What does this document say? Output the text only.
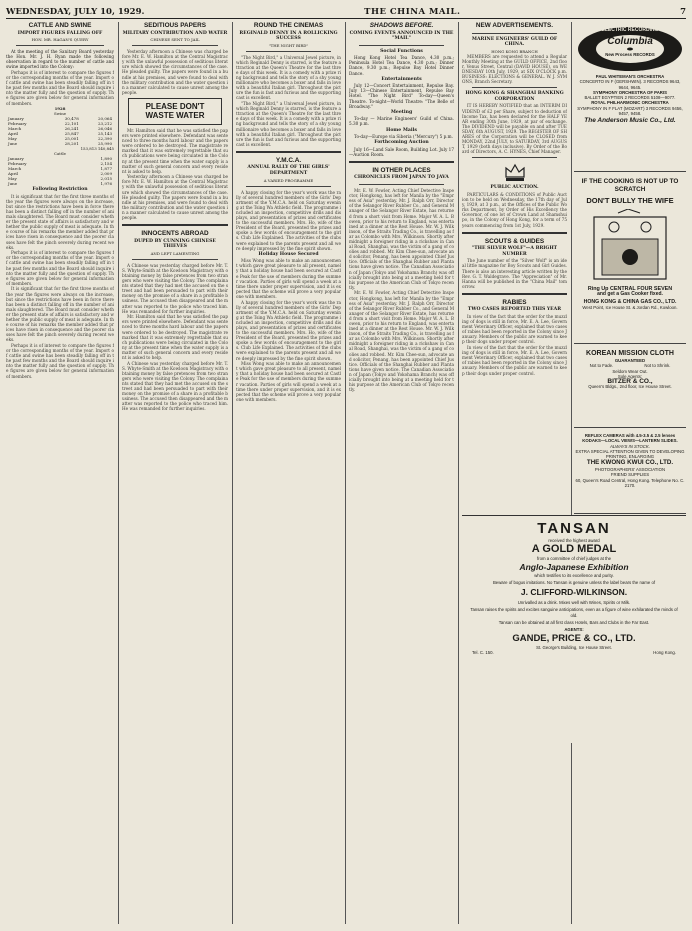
WEDNESDAY, JULY 10, 1929.	THE CHINA MAIL.	7
CATTLE AND SWINE
IMPORT FIGURES FALLING OFF
HON. MR. HAGAN'S QUERY
At the meeting of the Sanitary Board yesterday the Hon. Mr. J. H. Ryan made the following observation in regard to the number of cattle and swine imported into the Colony:
Perhaps it is of interest to compare the figures for the corresponding months of the year. Import of cattle and swine has been steadily falling off in the past few months and the Board should inquire into the matter fully and the question of supply. The figures are given below for general information of members.
1928
Swine
January	30,478	20,064
February	22,101	23,212
March	26,241	26,046
April	25,847	25,143
May	25,001	22,390
June	28,201	25,990
153,813 140,845
Cattle
January	1,890
February	2,154
March	1,877
April	2,009
May	2,015
June	1,976
Following Restriction
It is significant that for the first three months of the year the figures were always on the increase, but since the restrictions have been in force there has been a distinct falling off in the number of animals slaughtered. The Board must consider whether the present state of affairs is satisfactory and whether the public supply of meat is adequate. In the course of his remarks the member added that prices have risen in consequence and the poorer classes have felt the pinch severely during recent weeks.
Perhaps it is of interest to compare the figures for the corresponding months of the year. Import of cattle and swine has been steadily falling off in the past few months and the Board should inquire into the matter fully and the question of supply. The figures are given below for general information of members.
It is significant that for the first three months of the year the figures were always on the increase, but since the restrictions have been in force there has been a distinct falling off in the number of animals slaughtered. The Board must consider whether the present state of affairs is satisfactory and whether the public supply of meat is adequate. In the course of his remarks the member added that prices have risen in consequence and the poorer classes have felt the pinch severely during recent weeks.
Perhaps it is of interest to compare the figures for the corresponding months of the year. Import of cattle and swine has been steadily falling off in the past few months and the Board should inquire into the matter fully and the question of supply. The figures are given below for general information of members.
SEDITIOUS PAPERS
MILITARY CONTRIBUTION AND WATER
CHINESE SENT TO JAIL
Yesterday afternoon a Chinese was charged before Mr. E. W. Hamilton at the Central Magistracy with the unlawful possession of seditious literature which showed the circumstances of the case. He pleaded guilty. The papers were found in a bundle at his premises, and were found to deal with the military contribution and the water question in a manner calculated to cause unrest among the people.
PLEASE DON'T WASTE WATER
Mr. Hamilton said that he was satisfied the papers were printed elsewhere. Defendant was sentenced to three months hard labour and the papers were ordered to be destroyed. The magistrate remarked that it was extremely regrettable that such publications were being circulated in the Colony at the present time when the water supply is a matter of such general concern and every resident is asked to help.
Yesterday afternoon a Chinese was charged before Mr. E. W. Hamilton at the Central Magistracy with the unlawful possession of seditious literature which showed the circumstances of the case. He pleaded guilty. The papers were found in a bundle at his premises, and were found to deal with the military contribution and the water question in a manner calculated to cause unrest among the people.
INNOCENTS ABROAD
DUPED BY CUNNING CHINESE THIEVES
AND LEFT LAMENTING
A Chinese was yesterday charged before Mr. T. S. Whyte-Smith at the Kowloon Magistracy with obtaining money by false pretences from two strangers who were visiting the Colony. The complainants stated that they had met the accused on the street and had been persuaded to part with their money on the promise of a share in a profitable business. The accused then disappeared and the matter was reported to the police who traced him. He was remanded for further inquiries.
Mr. Hamilton said that he was satisfied the papers were printed elsewhere. Defendant was sentenced to three months hard labour and the papers were ordered to be destroyed. The magistrate remarked that it was extremely regrettable that such publications were being circulated in the Colony at the present time when the water supply is a matter of such general concern and every resident is asked to help.
A Chinese was yesterday charged before Mr. T. S. Whyte-Smith at the Kowloon Magistracy with obtaining money by false pretences from two strangers who were visiting the Colony. The complainants stated that they had met the accused on the street and had been persuaded to part with their money on the promise of a share in a profitable business. The accused then disappeared and the matter was reported to the police who traced him. He was remanded for further inquiries.
ROUND THE CINEMAS
REGINALD DENNY IN A ROLLICKING SUCCESS
"THE NIGHT BIRD"
"The Night Bird," a Universal Jewel picture, in which Reginald Denny is starred, is the feature attraction at the Queen's Theatre for the last three days of this week. It is a comedy with a prize ring background and tells the story of a shy young millionaire who becomes a boxer and falls in love with a beautiful Italian girl. Throughout the picture the fun is fast and furious and the supporting cast is excellent.
"The Night Bird," a Universal Jewel picture, in which Reginald Denny is starred, is the feature attraction at the Queen's Theatre for the last three days of this week. It is a comedy with a prize ring background and tells the story of a shy young millionaire who becomes a boxer and falls in love with a beautiful Italian girl. Throughout the picture the fun is fast and furious and the supporting cast is excellent.
Y.M.C.A.
ANNUAL RALLY OF THE GIRLS' DEPARTMENT
A VARIED PROGRAMME
A happy closing for the year's work was the rally of several hundred members of the Girls' Department of the Y.M.C.A. held on Saturday evening at the Tsing Wa Athletic field. The programme included an inspection, competitive drills and displays, and presentation of prizes and certificates to the successful members. Mrs. Ho, wife of the President of the Board, presented the prizes and spoke a few words of encouragement to the girls. Club Life Explained. The activities of the clubs were explained to the parents present and all were deeply impressed by the fine spirit shown.
Holiday House Secured
Miss Wong was able to make an announcement which gave great pleasure to all present, namely that a holiday house had been secured at Castle Peak for the use of members during the summer vacation. Parties of girls will spend a week at a time there under proper supervision, and it is expected that the scheme will prove a very popular one with members.
A happy closing for the year's work was the rally of several hundred members of the Girls' Department of the Y.M.C.A. held on Saturday evening at the Tsing Wa Athletic field. The programme included an inspection, competitive drills and displays, and presentation of prizes and certificates to the successful members. Mrs. Ho, wife of the President of the Board, presented the prizes and spoke a few words of encouragement to the girls. Club Life Explained. The activities of the clubs were explained to the parents present and all were deeply impressed by the fine spirit shown.
Miss Wong was able to make an announcement which gave great pleasure to all present, namely that a holiday house had been secured at Castle Peak for the use of members during the summer vacation. Parties of girls will spend a week at a time there under proper supervision, and it is expected that the scheme will prove a very popular one with members.
SHADOWS BEFORE.
COMING EVENTS ANNOUNCED IN THE "MAIL"
Social Functions
Hong Kong Hotel Tea Dance, 4.30 p.m.; Peninsula Hotel Tea Dance, 4.30 p.m.; Dinner Dance, 9.30 p.m.; Repulse Bay Hotel Dinner Dance.
Entertainments
July 12—Concert Entertainment, Repulse Bay. July 13—Chinese Entertainment, Repulse Bay Hotel. "The Night Bird" To-day—Queen's Theatre. To-night—World Theatre: "The Belle of Broadway."
Meeting
To-day — Marine Engineers' Guild of China. 5.30 p.m.
Home Mails
To-day—Europe via Siberia ("Mercury") 5 p.m.
Forthcoming Auction
July 16—Land Sale Room, Building Lot. July 17—Auction Room.
IN OTHER PLACES
CHRONICLES FROM JAPAN TO JAVA
Mr. E. W. Fowler, Acting Chief Detective Inspector, Hongkong, has left for Manila by the "Empress of Asia" yesterday. Mr. J. Ralph Orr, Director of the Selangor River Rubber Co., and General Manager of the Selangor River Estate, has returned from a short visit from Home. Major W. A. L. Bowen, prior to his return to England, was entertained at a dinner at the Rest House. Mr. W. J. Wilkinson, of the Straits Trading Co., is travelling as far as Colombo with Mrs. Wilkinson. Shortly after midnight a foreigner riding in a rickshaw in Canal Road, Shanghai, was the victim of a gang of coolies and robbed. Mr. Kim Chee-sun, advocate and solicitor, Penang, has been appointed Chief Justice. Officials of the Shanghai Rubber and Plantations have given notice. The Canadian Association of Japan (Tokyo and Yokohama Branch) was officially brought into being at a meeting held for this purpose at the American Club of Tokyo recently.
Mr. E. W. Fowler, Acting Chief Detective Inspector, Hongkong, has left for Manila by the "Empress of Asia" yesterday. Mr. J. Ralph Orr, Director of the Selangor River Rubber Co., and General Manager of the Selangor River Estate, has returned from a short visit from Home. Major W. A. L. Bowen, prior to his return to England, was entertained at a dinner at the Rest House. Mr. W. J. Wilkinson, of the Straits Trading Co., is travelling as far as Colombo with Mrs. Wilkinson. Shortly after midnight a foreigner riding in a rickshaw in Canal Road, Shanghai, was the victim of a gang of coolies and robbed. Mr. Kim Chee-sun, advocate and solicitor, Penang, has been appointed Chief Justice. Officials of the Shanghai Rubber and Plantations have given notice. The Canadian Association of Japan (Tokyo and Yokohama Branch) was officially brought into being at a meeting held for this purpose at the American Club of Tokyo recently.
NEW ADVERTISEMENTS.
MARINE ENGINEERS' GUILD OF CHINA.
HONG KONG BRANCH
MEMBERS are requested to attend a Regular Monthly Meeting at the GUILD OFFICE, 2nd floor, Venus Street, Central (DAVID HOUSE), on WEDNESDAY 10th July, 1929, at SIX O'CLOCK p.m. BUSINESS: ELECTIONS & GENERAL. W. J. SYMONS, Branch Secretary.
HONG KONG & SHANGHAI BANKING CORPORATION
IT IS HEREBY NOTIFIED that an INTERIM DIVIDEND of £2 per Share, subject to deduction of Income Tax, has been declared for the HALF YEAR ending 30th June, 1929, at par of exchange. The DIVIDEND will be payable on and after TUESDAY, 6th AUGUST, 1929. The REGISTER OF SHARES of the Corporation will be CLOSED from MONDAY, 22nd JULY, to SATURDAY, 3rd AUGUST, 1929 (both days inclusive). By Order of the Board of Directors, A. C. HYNES, Chief Manager.
PUBLIC AUCTION.
PARTICULARS & CONDITIONS of Public Auction to be held on Wednesday, the 17th day of July, 1929, at 3 p.m., at the Offices of the Public Works Department, by Order of His Excellency the Governor, of one lot of Crown Land at Shamshuipo, in the Colony of Hong Kong, for a term of 75 years commencing from 1st July, 1929.
SCOUTS & GUIDES
"THE SILVER WOLF"—A BRIGHT NUMBER
The June number of the "Silver Wolf" is an ideal little magazine for Boy Scouts and Girl Guides. There is also an interesting article written by the Rev. G. T. Waldegrave. The "Appreciation" of Mr. Hanna will be published in the "China Mail" tomorrow.
RABIES
TWO CASES REPORTED THIS YEAR
In view of the fact that the order for the muzzling of dogs is still in force, Mr. E. A. Lee, Government Veterinary Officer, explained that two cases of rabies had been reported in the Colony since January. Members of the public are warned to keep their dogs under proper control.
In view of the fact that the order for the muzzling of dogs is still in force, Mr. E. A. Lee, Government Veterinary Officer, explained that two cases of rabies had been reported in the Colony since January. Members of the public are warned to keep their dogs under proper control.
ELECTRIC RECORDING
Columbia
New Process RECORDS
PAUL WHITEMAN'S ORCHESTRA
CONCERTO IN F (GERSHWIN). 3 RECORDS 9643, 9644, 9645.
SYMPHONY ORCHESTRA OF PARIS
BALLET EGYPTIEN 2 RECORDS 5108—9077.
ROYAL PHILHARMONIC ORCHESTRA
SYMPHONY IN F FLAT (MOZART) 3 RECORDS 9456, 9457, 9458.
The Anderson Music Co., Ltd.
IF THE COOKING IS NOT UP TO SCRATCH
DON'T BULLY THE WIFE
Ring Up CENTRAL FOUR SEVEN
and get a Gas Cooker fixed.
HONG KONG & CHINA GAS CO., LTD.
West Point, Ice House St. & Jordan Rd., Kowloon.
KOREAN MISSION CLOTH
GUARANTEED
Not to Fade.	Not to Shrink.
Seldom Wear Out.
Sole Agents:
BITZER & CO.,
Queen's Bldgs., 2nd floor, Ice House Street.
REFLEX CAMERAS with 4.5-3.5 & 2.5 lenses
KODAKS—LOCAL VIEWS—LANTERN SLIDES.
ALWAYS IN STOCK.
EXTRA SPECIAL ATTENTION GIVEN TO DEVELOPING PRINTING, ENLARGING
THE KWONG KWUI CO., LTD.
PHOTOGRAPHERS' ASSOCIATION
FRIEND SUPPLIES
60, Queen's Road Central, Hong Kong. Telephone No. C. 2170.
TANSAN
received the highest award
A GOLD MEDAL
from a committee of chief judges at the
Anglo-Japanese Exhibition
which testifies to its excellence and purity.
Beware of bogus imitations. No Tansan is genuine unless the label bears the name of
J. CLIFFORD-WILKINSON.
Unrivalled as a drink. Mixes well with Wines, Spirits or Milk.
Tansan raises the spirits and excites sanguine anticipations, even as a figure of wine exhilarated the minds of old.
Tansan can be obtained at all first class Hotels, Bars and Clubs in the Far East.
AGENTS:
GANDE, PRICE & CO., LTD.
St. George's Building, Ice House Street.
Tel. C. 150.	Hong Kong.
